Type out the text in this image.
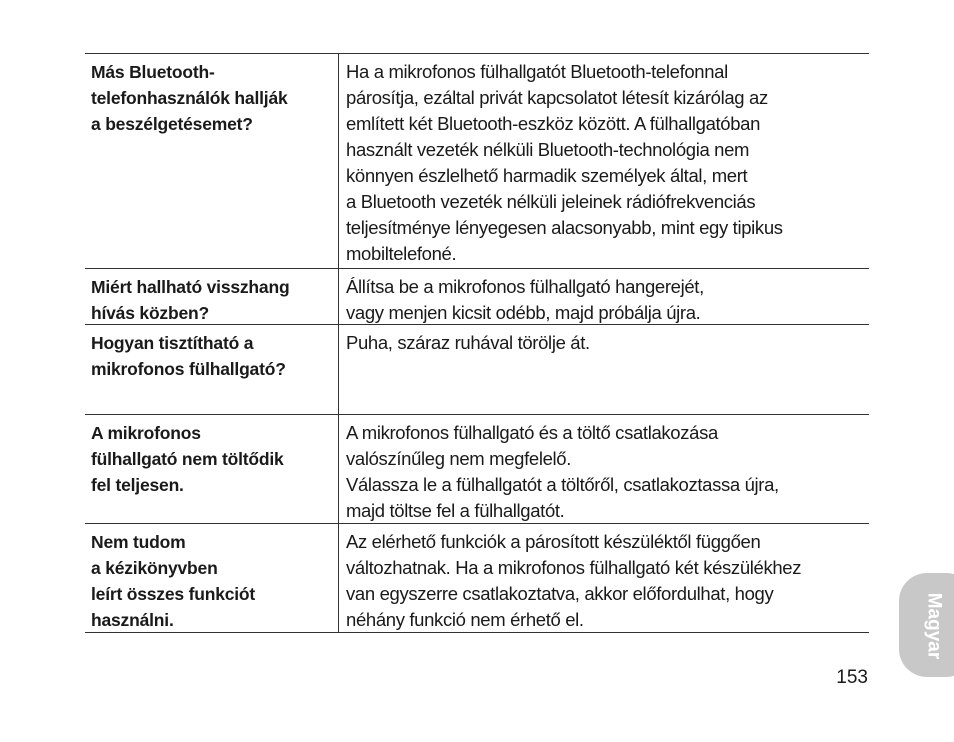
Más Bluetooth-
telefonhasználók hallják
a beszélgetésemet?
Ha a mikrofonos fülhallgatót Bluetooth-telefonnal
párosítja, ezáltal privát kapcsolatot létesít kizárólag az
említett két Bluetooth-eszköz között. A fülhallgatóban
használt vezeték nélküli Bluetooth-technológia nem
könnyen észlelhető harmadik személyek által, mert
a Bluetooth vezeték nélküli jeleinek rádiófrekvenciás
teljesítménye lényegesen alacsonyabb, mint egy tipikus
mobiltelefoné.
Miért hallható visszhang
hívás közben?
Állítsa be a mikrofonos fülhallgató hangerejét,
vagy menjen kicsit odébb, majd próbálja újra.
Hogyan tisztítható a
mikrofonos fülhallgató?
Puha, száraz ruhával törölje át.
A mikrofonos
fülhallgató nem töltődik
fel teljesen.
A mikrofonos fülhallgató és a töltő csatlakozása
valószínűleg nem megfelelő.
Válassza le a fülhallgatót a töltőről, csatlakoztassa újra,
majd töltse fel a fülhallgatót.
Nem tudom
a kézikönyvben
leírt összes funkciót
használni.
Az elérhető funkciók a párosított készüléktől függően
változhatnak. Ha a mikrofonos fülhallgató két készülékhez
van egyszerre csatlakoztatva, akkor előfordulhat, hogy
néhány funkció nem érhető el.	Magyar
153
